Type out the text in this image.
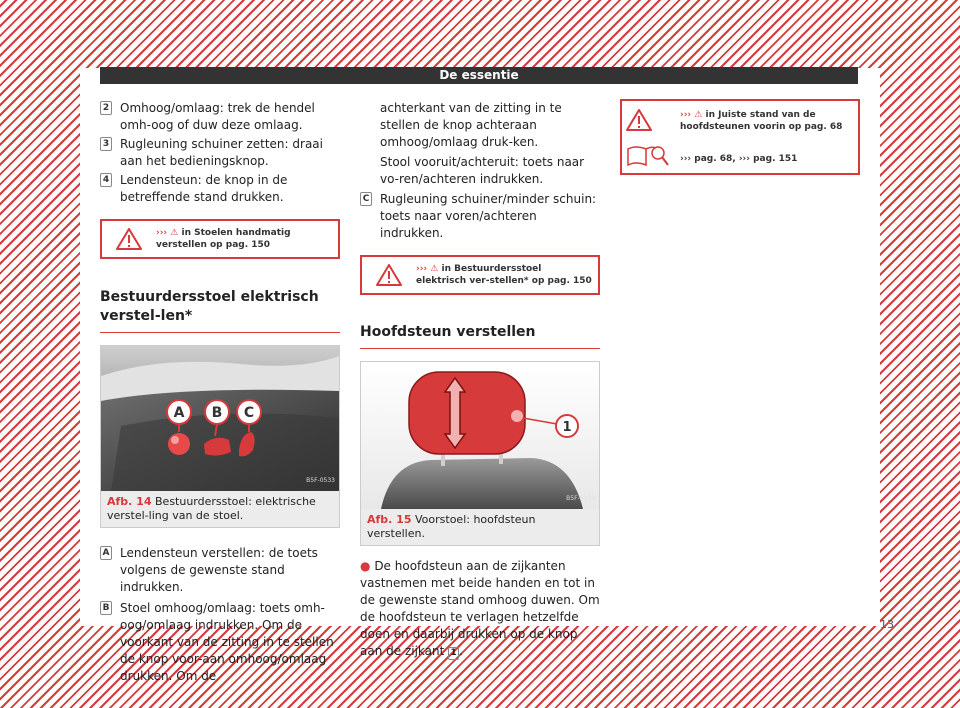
De essentie
2 Omhoog/omlaag: trek de hendel omh-oog of duw deze omlaag.

3 Rugleuning schuiner zetten: draai aan het bedieningsknop.

4 Lendensteun: de knop in de betreffende stand drukken.

››› ⚠ in Stoelen handmatig verstellen op pag. 150
Bestuurdersstoel elektrisch verstel-len*
A B C
B5F-0533
Afb. 14 Bestuurdersstoel: elektrische verstel-ling van de stoel.
A Lendensteun verstellen: de toets volgens de gewenste stand indrukken.

B Stoel omhoog/omlaag: toets omh-oog/omlaag indrukken. Om de voorkant van de zitting in te stellen de knop voor-aan omhoog/omlaag drukken. Om de

achterkant van de zitting in te stellen de knop achteraan omhoog/omlaag druk-ken.
Stool vooruit/achteruit: toets naar vo-ren/achteren indrukken.
C Rugleuning schuiner/minder schuin: toets naar voren/achteren indrukken.

››› ⚠ in Bestuurdersstoel elektrisch ver-stellen* op pag. 150
Hoofdsteun verstellen
1
B5F-0359
Afb. 15 Voorstoel: hoofdsteun verstellen.
● De hoofdsteun aan de zijkanten vastnemen met beide handen en tot in de gewenste stand omhoog duwen. Om de hoofdsteun te verlagen hetzelfde doen en daarbij drukken op de knop aan de zijkant 1 .
››› ⚠ in Juiste stand van de hoofdsteunen voorin op pag. 68
››› pag. 68, ››› pag. 151
13
